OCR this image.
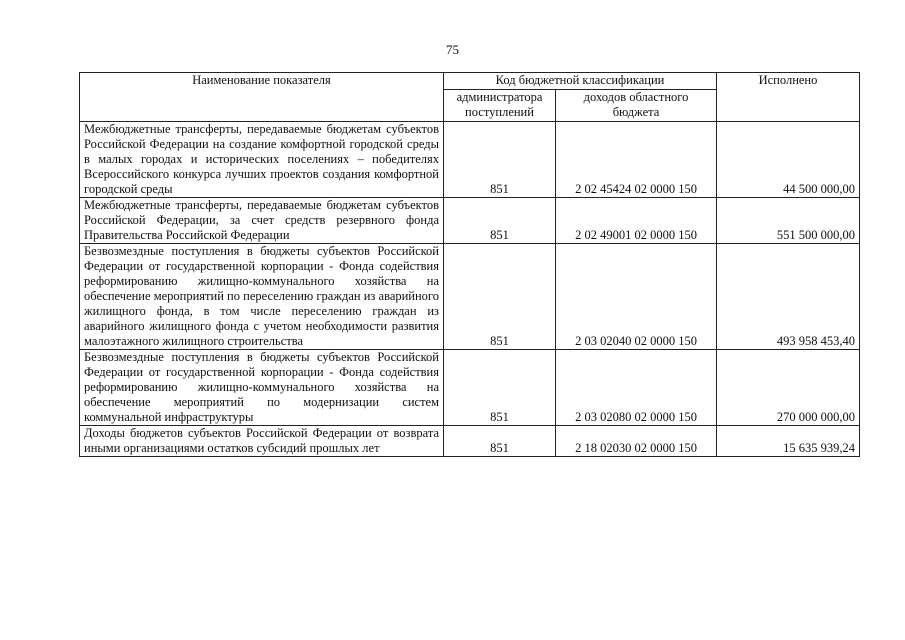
75
Наименование показателя	Код бюджетной классификации		Исполнено
	администратора поступлений	доходов областного бюджета	
Межбюджетные трансферты, передаваемые бюджетам субъектов Российской Федерации на создание комфортной городской среды в малых городах и исторических поселениях – победителях Всероссийского конкурса лучших проектов создания комфортной городской среды	851	2 02 45424 02 0000 150	44 500 000,00
Межбюджетные трансферты, передаваемые бюджетам субъектов Российской Федерации, за счет средств резервного фонда Правительства Российской Федерации	851	2 02 49001 02 0000 150	551 500 000,00
Безвозмездные поступления в бюджеты субъектов Российской Федерации от государственной корпорации - Фонда содействия реформированию жилищно-коммунального хозяйства на обеспечение мероприятий по переселению граждан из аварийного жилищного фонда, в том числе переселению граждан из аварийного жилищного фонда с учетом необходимости развития малоэтажного жилищного строительства	851	2 03 02040 02 0000 150	493 958 453,40
Безвозмездные поступления в бюджеты субъектов Российской Федерации от государственной корпорации - Фонда содействия реформированию жилищно-коммунального хозяйства на обеспечение мероприятий по модернизации систем коммунальной инфраструктуры	851	2 03 02080 02 0000 150	270 000 000,00
Доходы бюджетов субъектов Российской Федерации от возврата иными организациями остатков субсидий прошлых лет	851	2 18 02030 02 0000 150	15 635 939,24
